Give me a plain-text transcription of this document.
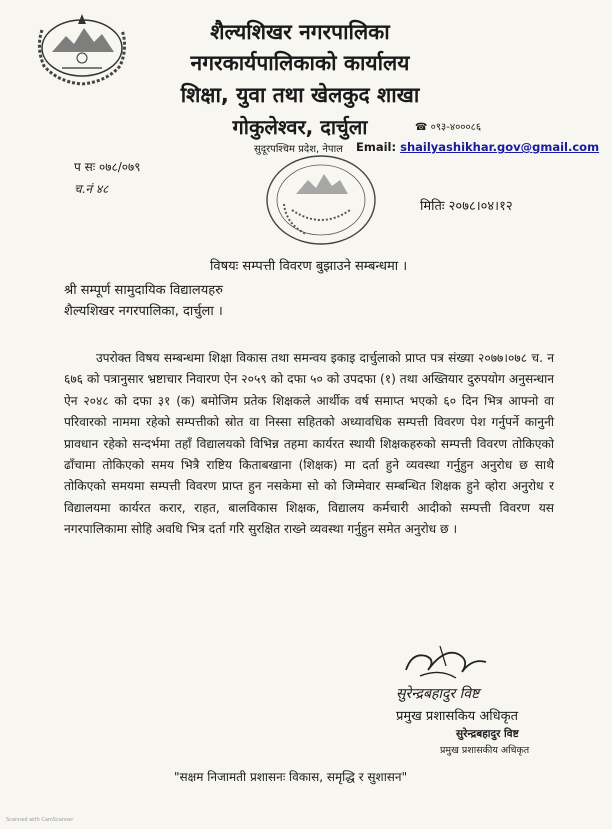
शैल्यशिखर नगरपालिका
नगरकार्यपालिकाको कार्यालय
शिक्षा, युवा तथा खेलकुद शाखा
गोकुलेश्वर, दार्चुला	☎ ०९३-४०००८६
सुदूरपश्चिम प्रदेश, नेपाल Email: shailyashikhar.gov@gmail.com
प सः ०७८/०७९
च.नं ४८
मितिः २०७८।०४।१२
विषयः सम्पत्ती विवरण बुझाउने सम्बन्धमा ।
श्री सम्पूर्ण सामुदायिक विद्यालयहरु
शैल्यशिखर नगरपालिका, दार्चुला ।
उपरोक्त विषय सम्बन्धमा शिक्षा विकास तथा समन्वय इकाइ दार्चुलाको प्राप्त पत्र संख्या २०७७।०७८ च. न ६७६ को पत्रानुसार भ्रष्टाचार निवारण ऐन २०५९ को दफा ५० को उपदफा (१) तथा अख्तियार दुरुपयोग अनुसन्धान ऐन २०४८ को दफा ३१ (क) बमोजिम प्रतेक शिक्षकले आर्थीक वर्ष समाप्त भएको ६० दिन भित्र आफ्नो वा परिवारको नाममा रहेको सम्पत्तीको स्रोत वा निस्सा सहितको अध्यावधिक सम्पत्ती विवरण पेश गर्नुपर्ने कानुनी प्रावधान रहेको सन्दर्भमा तहाँ विद्यालयको विभिन्न तहमा कार्यरत स्थायी शिक्षकहरुको सम्पत्ती विवरण तोकिएको ढाँचामा तोकिएको समय भित्रै राष्टिय किताबखाना (शिक्षक) मा दर्ता हुने व्यवस्था गर्नुहुन अनुरोध छ साथै तोकिएको समयमा सम्पत्ती विवरण प्राप्त हुन नसकेमा सो को जिम्मेवार सम्बन्धित शिक्षक हुने व्होरा अनुरोध र विद्यालयमा कार्यरत करार, राहत, बालविकास शिक्षक, विद्यालय कर्मचारी आदीको सम्पत्ती विवरण यस नगरपालिकामा सोहि अवधि भित्र दर्ता गरि सुरक्षित राख्ने व्यवस्था गर्नुहुन समेत अनुरोध छ ।
सुरेन्द्रबहादुर विष्ट
प्रमुख प्रशासकिय अधिकृत
सुरेन्द्रबहादुर विष्ट
प्रमुख प्रशासकीय अधिकृत
"सक्षम निजामती प्रशासनः विकास, समृद्धि र सुशासन"
Scanned with CamScanner
